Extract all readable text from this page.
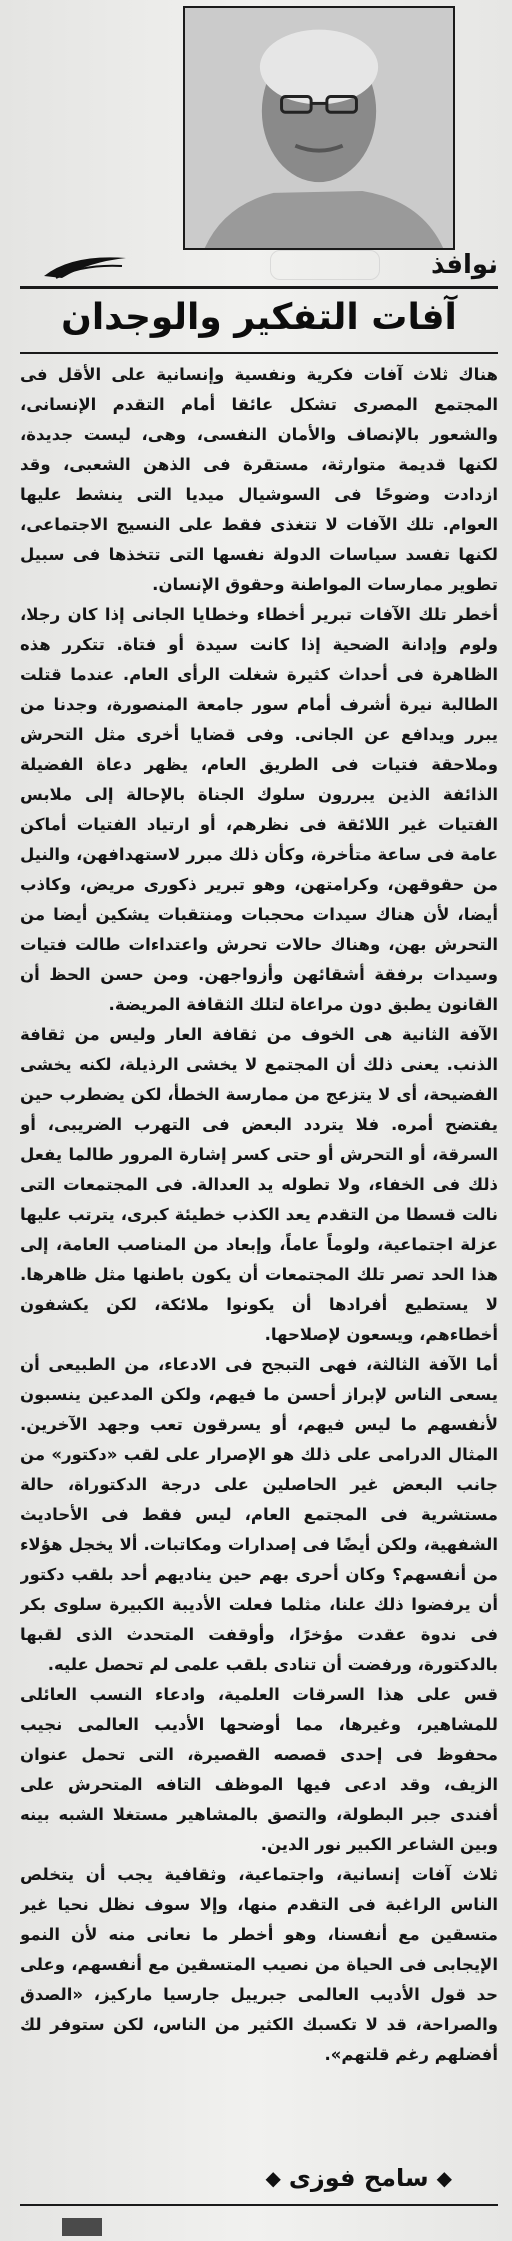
نوافذ
آفات التفكير والوجدان

هناك ثلاث آفات فكرية ونفسية وإنسانية على الأقل فى المجتمع المصرى تشكل عائقا أمام التقدم الإنسانى، والشعور بالإنصاف والأمان النفسى، وهى، ليست جديدة، لكنها قديمة متوارثة، مستقرة فى الذهن الشعبى، وقد ازدادت وضوحًا فى السوشيال ميديا التى ينشط عليها العوام. تلك الآفات لا تتغذى فقط على النسيج الاجتماعى، لكنها تفسد سياسات الدولة نفسها التى تتخذها فى سبيل تطوير ممارسات المواطنة وحقوق الإنسان.

أخطر تلك الآفات تبرير أخطاء وخطايا الجانى إذا كان رجلا، ولوم وإدانة الضحية إذا كانت سيدة أو فتاة. تتكرر هذه الظاهرة فى أحداث كثيرة شغلت الرأى العام. عندما قتلت الطالبة نيرة أشرف أمام سور جامعة المنصورة، وجدنا من يبرر ويدافع عن الجانى. وفى قضايا أخرى مثل التحرش وملاحقة فتيات فى الطريق العام، يظهر دعاة الفضيلة الذائفة الذين يبررون سلوك الجناة بالإحالة إلى ملابس الفتيات غير اللائقة فى نظرهم، أو ارتياد الفتيات أماكن عامة فى ساعة متأخرة، وكأن ذلك مبرر لاستهدافهن، والنيل من حقوقهن، وكرامتهن، وهو تبرير ذكورى مريض، وكاذب أيضا، لأن هناك سيدات محجبات ومنتقبات يشكين أيضا من التحرش بهن، وهناك حالات تحرش واعتداءات طالت فتيات وسيدات برفقة أشقائهن وأزواجهن. ومن حسن الحظ أن القانون يطبق دون مراعاة لتلك الثقافة المريضة.

الآفة الثانية هى الخوف من ثقافة العار وليس من ثقافة الذنب. يعنى ذلك أن المجتمع لا يخشى الرذيلة، لكنه يخشى الفضيحة، أى لا يتزعج من ممارسة الخطأ، لكن يضطرب حين يفتضح أمره. فلا يتردد البعض فى التهرب الضريبى، أو السرقة، أو التحرش أو حتى كسر إشارة المرور طالما يفعل ذلك فى الخفاء، ولا تطوله يد العدالة. فى المجتمعات التى نالت قسطا من التقدم يعد الكذب خطيئة كبرى، يترتب عليها عزلة اجتماعية، ولوماً عاماً، وإبعاد من المناصب العامة، إلى هذا الحد تصر تلك المجتمعات أن يكون باطنها مثل ظاهرها. لا يستطيع أفرادها أن يكونوا ملائكة، لكن يكشفون أخطاءهم، ويسعون لإصلاحها.

أما الآفة الثالثة، فهى التبجح فى الادعاء، من الطبيعى أن يسعى الناس لإبراز أحسن ما فيهم، ولكن المدعين ينسبون لأنفسهم ما ليس فيهم، أو يسرقون تعب وجهد الآخرين. المثال الدرامى على ذلك هو الإصرار على لقب «دكتور» من جانب البعض غير الحاصلين على درجة الدكتوراة، حالة مستشرية فى المجتمع العام، ليس فقط فى الأحاديث الشفهية، ولكن أيضًا فى إصدارات ومكاتبات. ألا يخجل هؤلاء من أنفسهم؟ وكان أحرى بهم حين يناديهم أحد بلقب دكتور أن يرفضوا ذلك علنا، مثلما فعلت الأديبة الكبيرة سلوى بكر فى ندوة عقدت مؤخرًا، وأوقفت المتحدث الذى لقبها بالدكتورة، ورفضت أن تنادى بلقب علمى لم تحصل عليه.

قس على هذا السرقات العلمية، وادعاء النسب العائلى للمشاهير، وغيرها، مما أوضحها الأديب العالمى نجيب محفوظ فى إحدى قصصه القصيرة، التى تحمل عنوان الزيف، وقد ادعى فيها الموظف التافه المتحرش على أفندى جبر البطولة، والتصق بالمشاهير مستغلا الشبه بينه وبين الشاعر الكبير نور الدين.

ثلاث آفات إنسانية، واجتماعية، وثقافية يجب أن يتخلص الناس الراغبة فى التقدم منها، وإلا سوف نظل نحيا غير متسقين مع أنفسنا، وهو أخطر ما نعانى منه لأن النمو الإيجابى فى الحياة من نصيب المتسقين مع أنفسهم، وعلى حد قول الأديب العالمى جبرييل جارسيا ماركيز، «الصدق والصراحة، قد لا تكسبك الكثير من الناس، لكن ستوفر لك أفضلهم رغم قلتهم».

◆
سامح فوزى
◆
